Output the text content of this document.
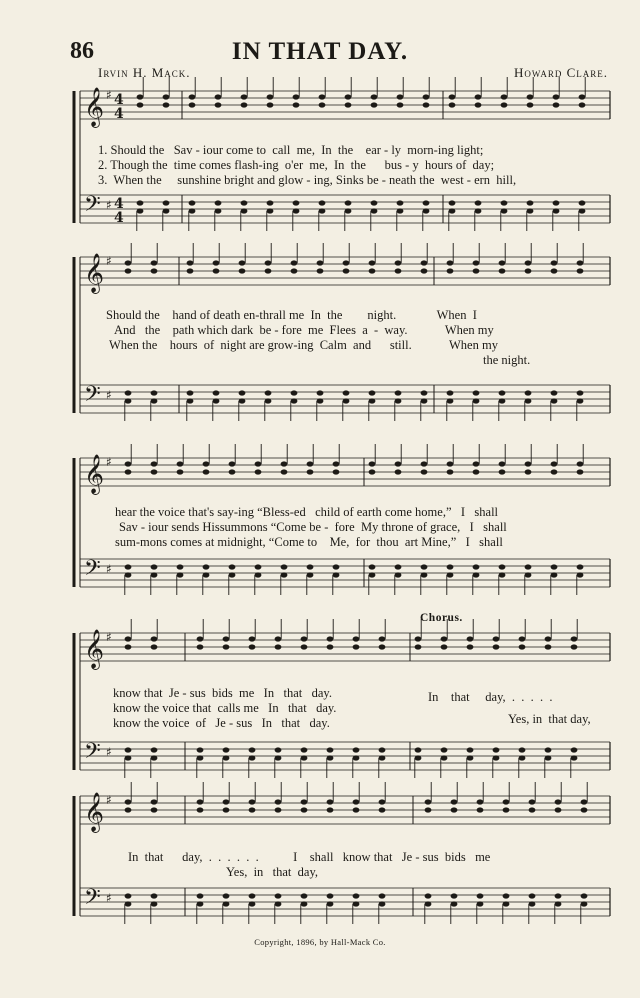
86	IN THAT DAY.
Irvin H. Mack.	Howard Clare.
𝄞 ♯
𝄢 ♯
4
4
4
4
𝄞 ♯
𝄢 ♯
𝄞 ♯
𝄢 ♯
𝄞 ♯
𝄢 ♯
𝄞 ♯
𝄢 ♯
1. Should the   Sav - iour come to  call  me,  In  the    ear - ly  morn-ing light;
2. Though the  time comes flash-ing  o'er  me,  In  the      bus - y  hours of  day;
3.  When the     sunshine bright and glow - ing, Sinks be - neath the  west - ern  hill,
Should the    hand of death en-thrall me  In  the        night.             When  I
And   the    path which dark  be - fore  me  Flees  a  -  way.            When my
When the    hours  of  night are grow-ing  Calm  and      still.            When my
the night.
hear the voice that's say-ing “Bless-ed   child of earth come home,”   I   shall
Sav - iour sends Hissummons “Come be -  fore  My throne of grace,   I   shall
sum-mons comes at midnight, “Come to    Me,  for  thou  art Mine,”   I   shall
Chorus.
know that  Je - sus  bids  me   In   that   day.
know the voice that  calls me   In   that   day.
know the voice  of   Je - sus   In   that   day.
In    that     day,  .  .  .  .  .
Yes, in  that day,
In  that      day,  .  .  .  .  .  .           I    shall   know that   Je - sus  bids   me
Yes,  in   that  day,
Copyright, 1896, by Hall-Mack Co.
